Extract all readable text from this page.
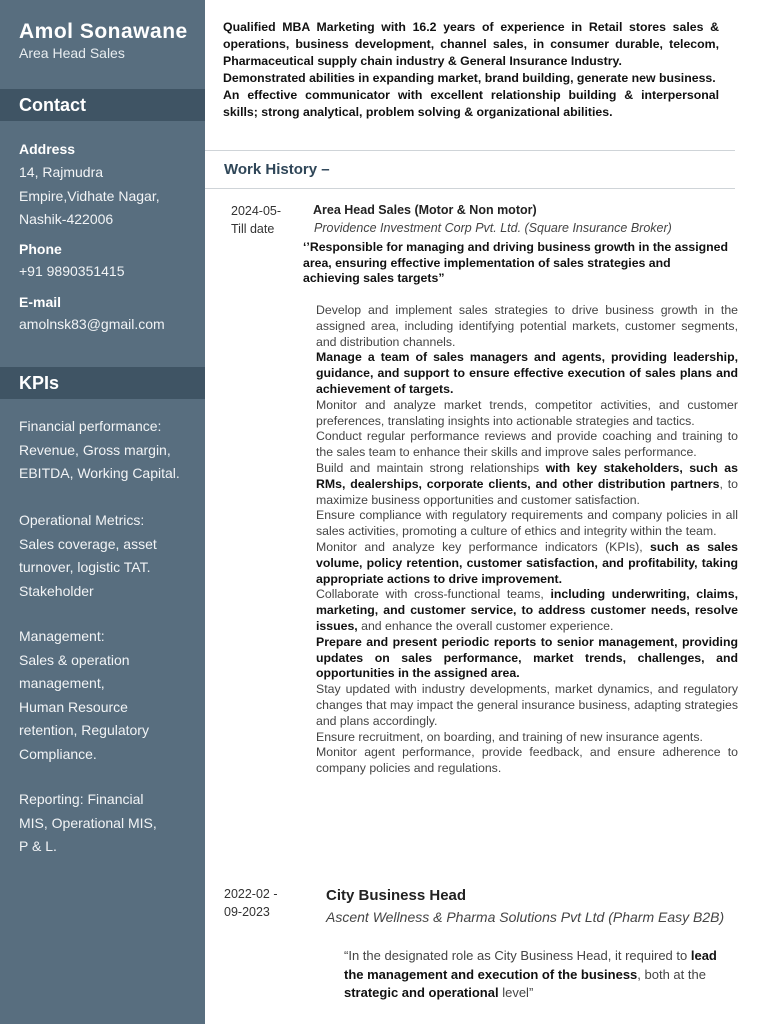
Amol Sonawane
Area Head Sales
Contact
Address
14, Rajmudra
Empire,Vidhate Nagar,
Nashik-422006
Phone
+91 9890351415
E-mail
amolnsk83@gmail.com
KPIs
Financial performance:
Revenue, Gross margin,
EBITDA, Working Capital.
Operational Metrics:
Sales coverage, asset
turnover, logistic TAT.
Stakeholder
Management:
Sales & operation
management,
Human Resource
retention, Regulatory
Compliance.
Reporting: Financial
MIS, Operational MIS,
P & L.

Qualified MBA Marketing with 16.2 years of experience in Retail stores sales & operations, business development, channel sales, in consumer durable, telecom, Pharmaceutical supply chain industry & General Insurance Industry.

Demonstrated abilities in expanding market, brand building, generate new business.

An effective communicator with excellent relationship building & interpersonal skills; strong analytical, problem solving & organizational abilities.

Work History –
2024-05-
Till date
Area Head Sales (Motor & Non motor)
Providence Investment Corp Pvt. Ltd. (Square Insurance Broker)
‘’Responsible for managing and driving business growth in the assigned area, ensuring effective implementation of sales strategies and achieving sales targets”

Develop and implement sales strategies to drive business growth in the assigned area, including identifying potential markets, customer segments, and distribution channels.

Manage a team of sales managers and agents, providing leadership, guidance, and support to ensure effective execution of sales plans and achievement of targets.

Monitor and analyze market trends, competitor activities, and customer preferences, translating insights into actionable strategies and tactics.

Conduct regular performance reviews and provide coaching and training to the sales team to enhance their skills and improve sales performance.

Build and maintain strong relationships with key stakeholders, such as RMs, dealerships, corporate clients, and other distribution partners, to maximize business opportunities and customer satisfaction.

Ensure compliance with regulatory requirements and company policies in all sales activities, promoting a culture of ethics and integrity within the team.

Monitor and analyze key performance indicators (KPIs), such as sales volume, policy retention, customer satisfaction, and profitability, taking appropriate actions to drive improvement.

Collaborate with cross-functional teams, including underwriting, claims, marketing, and customer service, to address customer needs, resolve issues, and enhance the overall customer experience.

Prepare and present periodic reports to senior management, providing updates on sales performance, market trends, challenges, and opportunities in the assigned area.

Stay updated with industry developments, market dynamics, and regulatory changes that may impact the general insurance business, adapting strategies and plans accordingly.

Ensure recruitment, on boarding, and training of new insurance agents.

Monitor agent performance, provide feedback, and ensure adherence to company policies and regulations.

2022-02 -
09-2023
City Business Head
Ascent Wellness & Pharma Solutions Pvt Ltd (Pharm Easy B2B)
“In the designated role as City Business Head, it required to lead the management and execution of the business, both at the strategic and operational level”
